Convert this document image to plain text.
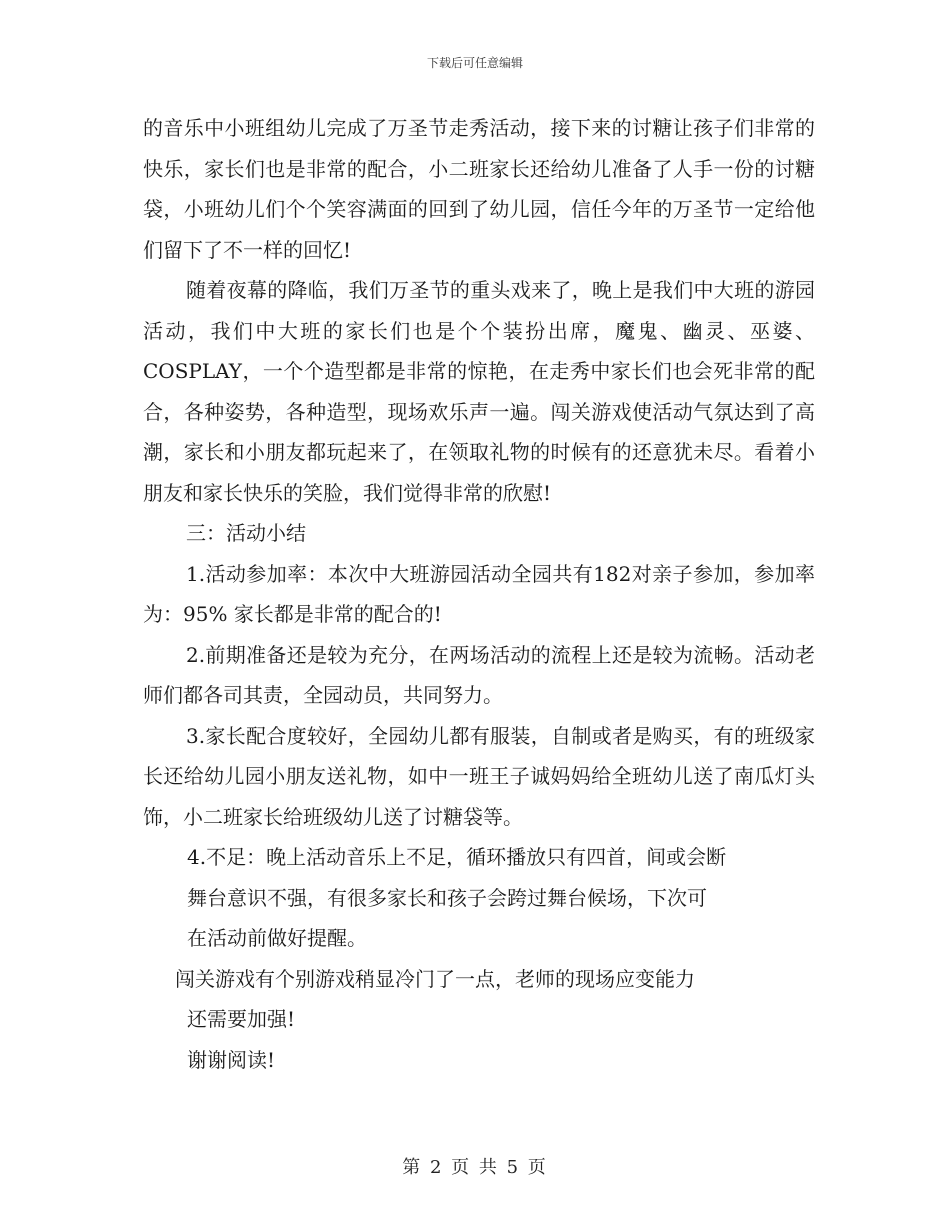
下载后可任意编辑

的音乐中小班组幼儿完成了万圣节走秀活动，接下来的讨糖让孩子们非常的快乐，家长们也是非常的配合，小二班家长还给幼儿准备了人手一份的讨糖袋，小班幼儿们个个笑容满面的回到了幼儿园，信任今年的万圣节一定给他们留下了不一样的回忆!

随着夜幕的降临，我们万圣节的重头戏来了，晚上是我们中大班的游园活动，我们中大班的家长们也是个个装扮出席，魔鬼、幽灵、巫婆、COSPLAY，一个个造型都是非常的惊艳，在走秀中家长们也会死非常的配合，各种姿势，各种造型，现场欢乐声一遍。闯关游戏使活动气氛达到了高潮，家长和小朋友都玩起来了，在领取礼物的时候有的还意犹未尽。看着小朋友和家长快乐的笑脸，我们觉得非常的欣慰!

三：活动小结

1.活动参加率：本次中大班游园活动全园共有182对亲子参加，参加率为：95% 家长都是非常的配合的!

2.前期准备还是较为充分，在两场活动的流程上还是较为流畅。活动老师们都各司其责，全园动员，共同努力。

3.家长配合度较好，全园幼儿都有服装，自制或者是购买，有的班级家长还给幼儿园小朋友送礼物，如中一班王子诚妈妈给全班幼儿送了南瓜灯头饰，小二班家长给班级幼儿送了讨糖袋等。

4.不足：晚上活动音乐上不足，循环播放只有四首，间或会断

舞台意识不强，有很多家长和孩子会跨过舞台候场，下次可

在活动前做好提醒。

闯关游戏有个别游戏稍显冷门了一点，老师的现场应变能力

还需要加强!

谢谢阅读!

第 2 页 共 5 页
